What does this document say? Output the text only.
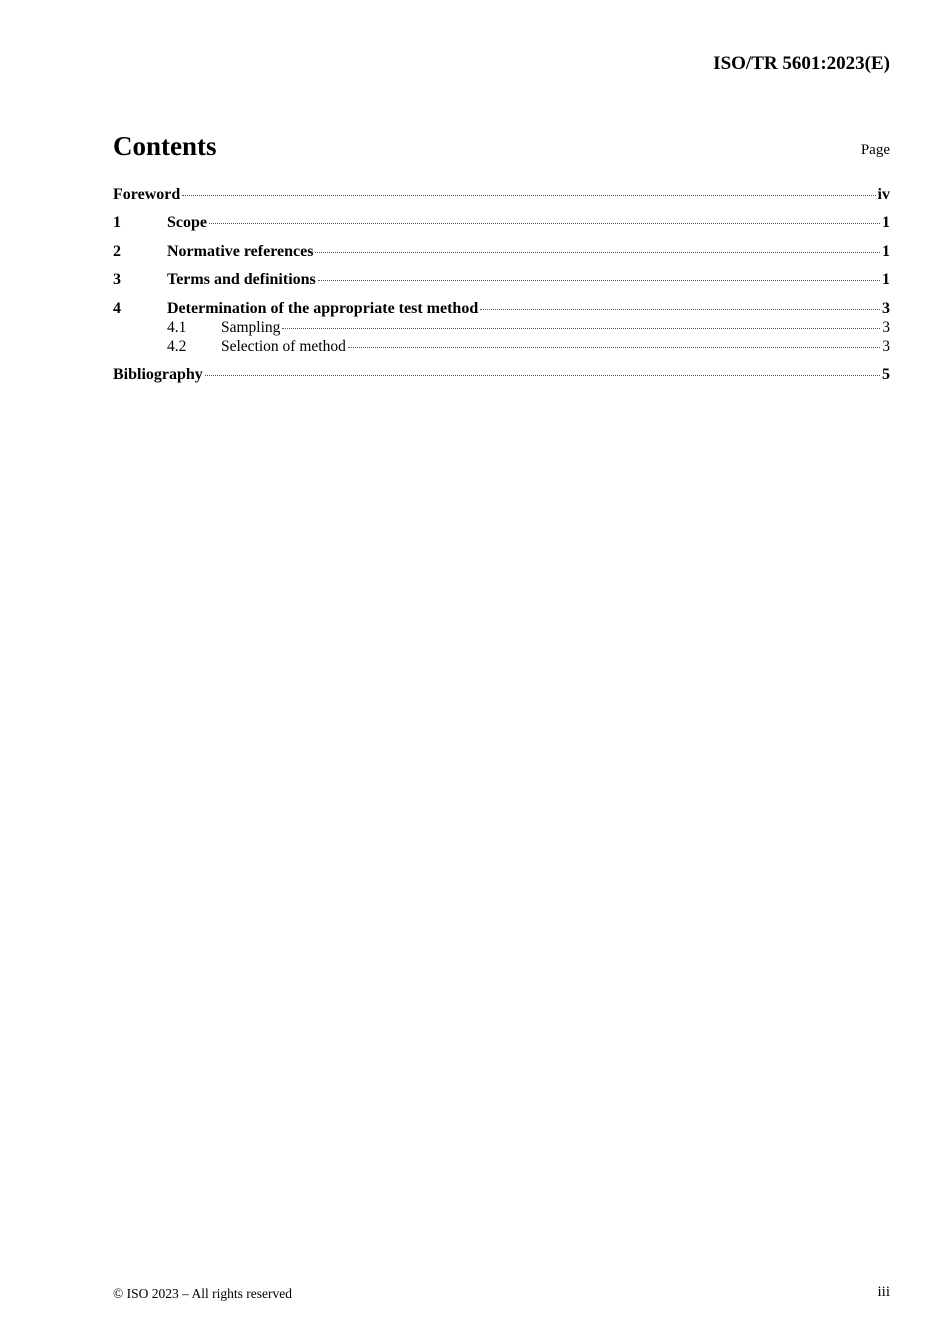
ISO/TR 5601:2023(E)
Contents	Page
Foreword	iv
1	Scope	1
2	Normative references	1
3	Terms and definitions	1
4	Determination of the appropriate test method	3
4.1	Sampling	3
4.2	Selection of method	3
Bibliography	5
© ISO 2023 – All rights reserved	iii
